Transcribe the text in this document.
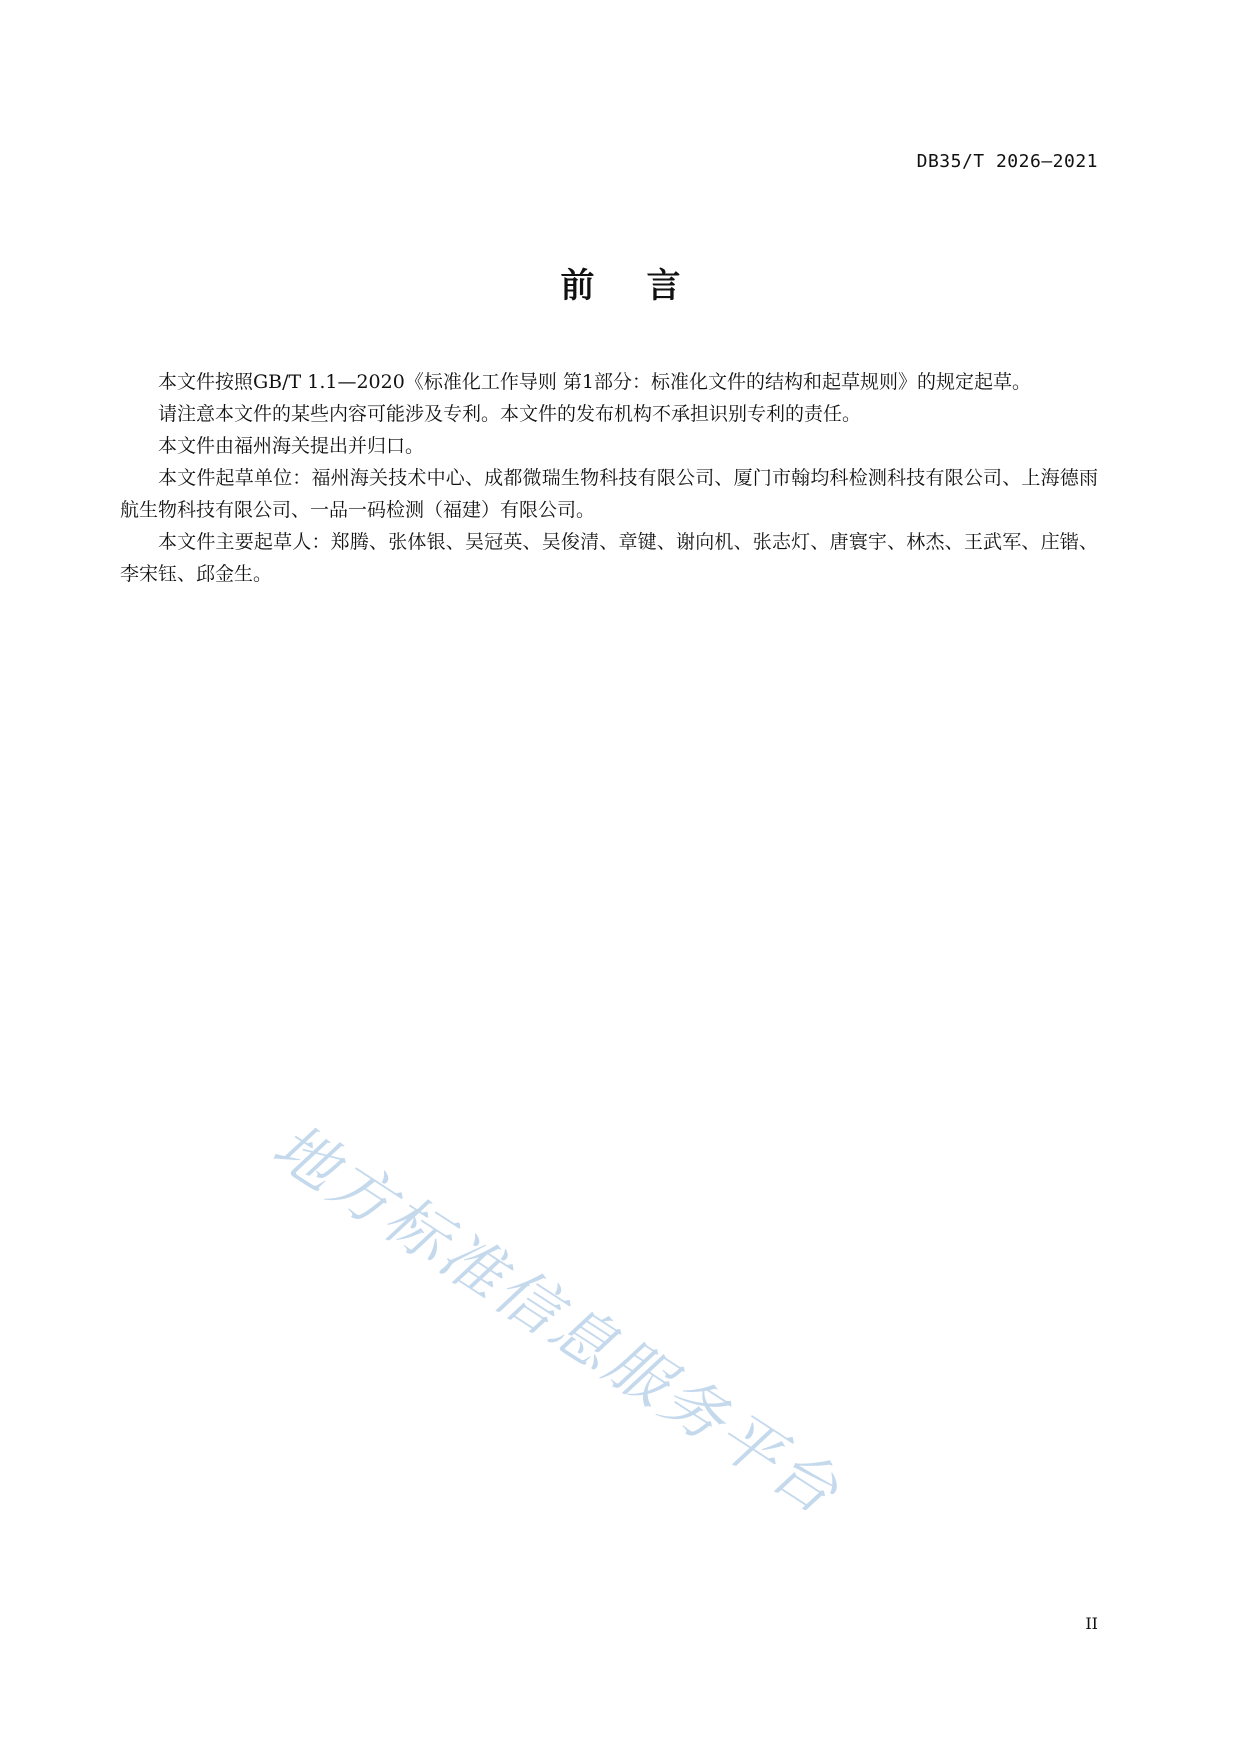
DB35/T 2026—2021
前言

本文件按照GB/T 1.1—2020《标准化工作导则 第1部分：标准化文件的结构和起草规则》的规定起草。

请注意本文件的某些内容可能涉及专利。本文件的发布机构不承担识别专利的责任。

本文件由福州海关提出并归口。

本文件起草单位：福州海关技术中心、成都微瑞生物科技有限公司、厦门市翰均科检测科技有限公司、上海德雨航生物科技有限公司、一品一码检测（福建）有限公司。

本文件主要起草人：郑腾、张体银、吴冠英、吴俊清、章键、谢向机、张志灯、唐寰宇、林杰、王武军、庄锴、李宋钰、邱金生。

地方标准信息服务平台
II
